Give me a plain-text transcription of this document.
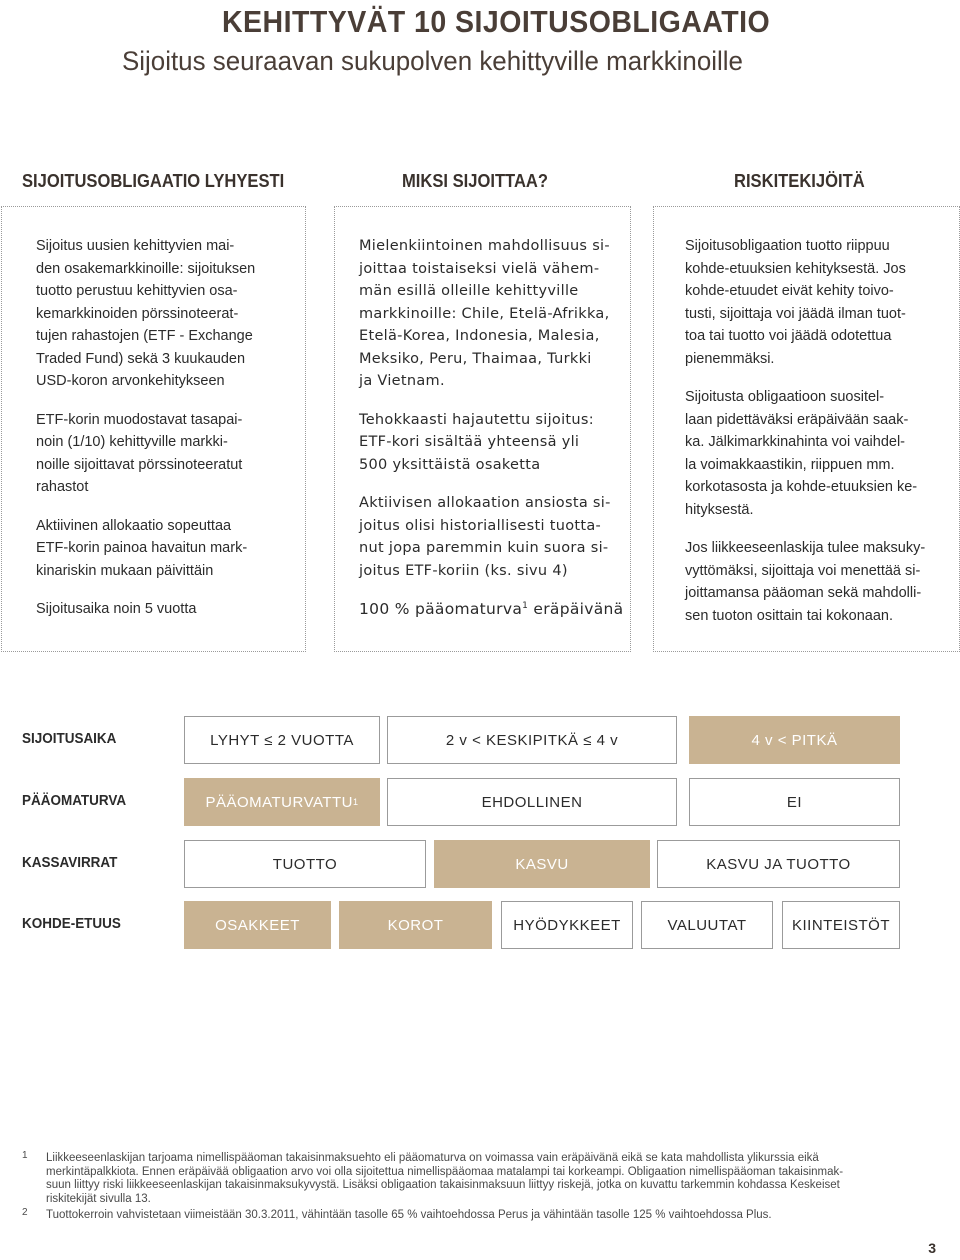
KEHITTYVÄT 10 SIJOITUSOBLIGAATIO
Sijoitus seuraavan sukupolven kehittyville markkinoille
SIJOITUSOBLIGAATIO LYHYESTI
Sijoitus uusien kehittyvien mai-
den osakemarkkinoille: sijoituksen
tuotto perustuu kehittyvien osa-
kemarkkinoiden pörssinoteerat-
tujen rahastojen (ETF - Exchange
Traded Fund) sekä 3 kuukauden
USD-koron arvonkehitykseen
ETF-korin muodostavat tasapai-
noin (1/10) kehittyville markki-
noille sijoittavat pörssinoteeratut
rahastot
Aktiivinen allokaatio sopeuttaa
ETF-korin painoa havaitun mark-
kinariskin mukaan päivittäin
Sijoitusaika noin 5 vuotta
MIKSI SIJOITTAA?
Mielenkiintoinen mahdollisuus si-
joittaa toistaiseksi vielä vähem-
män esillä olleille kehittyville
markkinoille: Chile, Etelä-Afrikka,
Etelä-Korea, Indonesia, Malesia,
Meksiko, Peru, Thaimaa, Turkki
ja Vietnam.
Tehokkaasti hajautettu sijoitus:
ETF-kori sisältää yhteensä yli
500 yksittäistä osaketta
Aktiivisen allokaation ansiosta si-
joitus olisi historiallisesti tuotta-
nut jopa paremmin kuin suora si-
joitus ETF-koriin (ks. sivu 4)
100 % pääomaturva$^1$ eräpäivänä
RISKITEKIJÖITÄ
Sijoitusobligaation tuotto riippuu
kohde-etuuksien kehityksestä. Jos
kohde-etuudet eivät kehity toivo-
tusti, sijoittaja voi jäädä ilman tuot-
toa tai tuotto voi jäädä odotettua
pienemmäksi.
Sijoitusta obligaatioon suositel-
laan pidettäväksi eräpäivään saak-
ka. Jälkimarkkinahinta voi vaihdel-
la voimakkaastikin, riippuen mm.
korkotasosta ja kohde-etuuksien ke-
hityksestä.
Jos liikkeeseenlaskija tulee maksuky-
vyttömäksi, sijoittaja voi menettää si-
joittamansa pääoman sekä mahdolli-
sen tuoton osittain tai kokonaan.
SIJOITUSAIKA	LYHYT ≤ 2 VUOTTA	2 v < KESKIPITKÄ ≤ 4 v	4 v < PITKÄ
PÄÄOMATURVA	PÄÄOMATURVATTU 1	EHDOLLINEN	EI
KASSAVIRRAT	TUOTTO	KASVU	KASVU JA TUOTTO
KOHDE-ETUUS	OSAKKEET	KOROT	HYÖDYKKEET	VALUUTAT	KIINTEISTÖT
1 Liikkeeseenlaskijan tarjoama nimellispääoman takaisinmaksuehto eli pääomaturva on voimassa vain eräpäivänä eikä se kata mahdollista ylikurssia eikä
merkintäpalkkiota. Ennen eräpäivää obligaation arvo voi olla sijoitettua nimellispääomaa matalampi tai korkeampi. Obligaation nimellispääoman takaisinmak-
suun liittyy riski liikkeeseenlaskijan takaisinmaksukyvystä. Lisäksi obligaation takaisinmaksuun liittyy riskejä, jotka on kuvattu tarkemmin kohdassa Keskeiset
riskitekijät sivulla 13.
2 Tuottokerroin vahvistetaan viimeistään 30.3.2011, vähintään tasolle 65 % vaihtoehdossa Perus ja vähintään tasolle 125 % vaihtoehdossa Plus.
3
